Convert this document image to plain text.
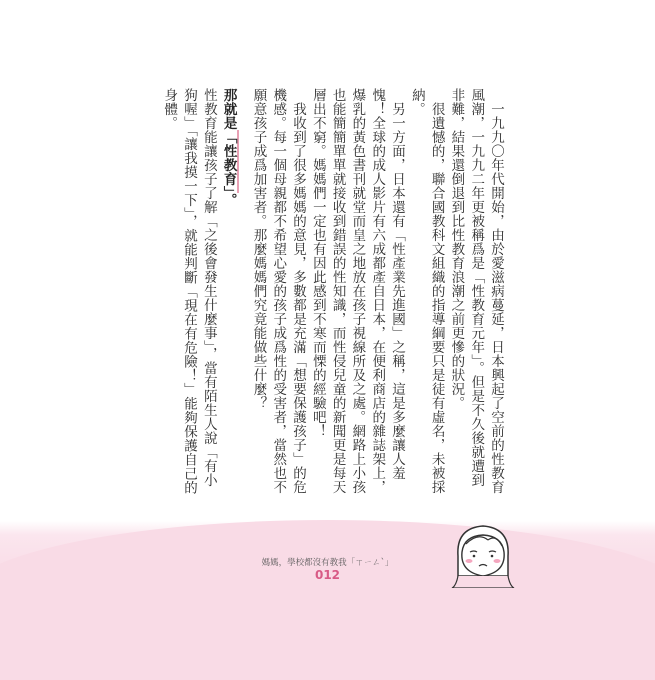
一九九〇年代開始，由於愛滋病蔓延，日本興起了空前的性教育風潮，一九九二年更被稱爲是「性教育元年」。但是不久後就遭到非難，結果還倒退到比性教育浪潮之前更慘的狀況。

很遺憾的，聯合國教科文組織的指導綱要只是徒有虛名，未被採納。

另一方面，日本還有「性產業先進國」之稱，這是多麼讓人羞愧！全球的成人影片有六成都產自日本，在便利商店的雜誌架上，爆乳的黃色書刊就堂而皇之地放在孩子視線所及之處。網路上小孩也能簡簡單單就接收到錯誤的性知識，而性侵兒童的新聞更是每天層出不窮。媽媽們一定也有因此感到不寒而慄的經驗吧！

我收到了很多媽媽的意見，多數都是充滿「想要保護孩子」的危機感。每一個母親都不希望心愛的孩子成爲性的受害者，當然也不願意孩子成爲加害者。那麼媽媽們究竟能做些什麼？

那就是「性教育」。

性教育能讓孩子了解「之後會發生什麼事」，當有陌生人說「有小狗喔」「讓我摸一下」，就能判斷「現在有危險！」能夠保護自己的身體。

媽媽，學校都沒有教我「ㄒㄧㄥˋ」
012
